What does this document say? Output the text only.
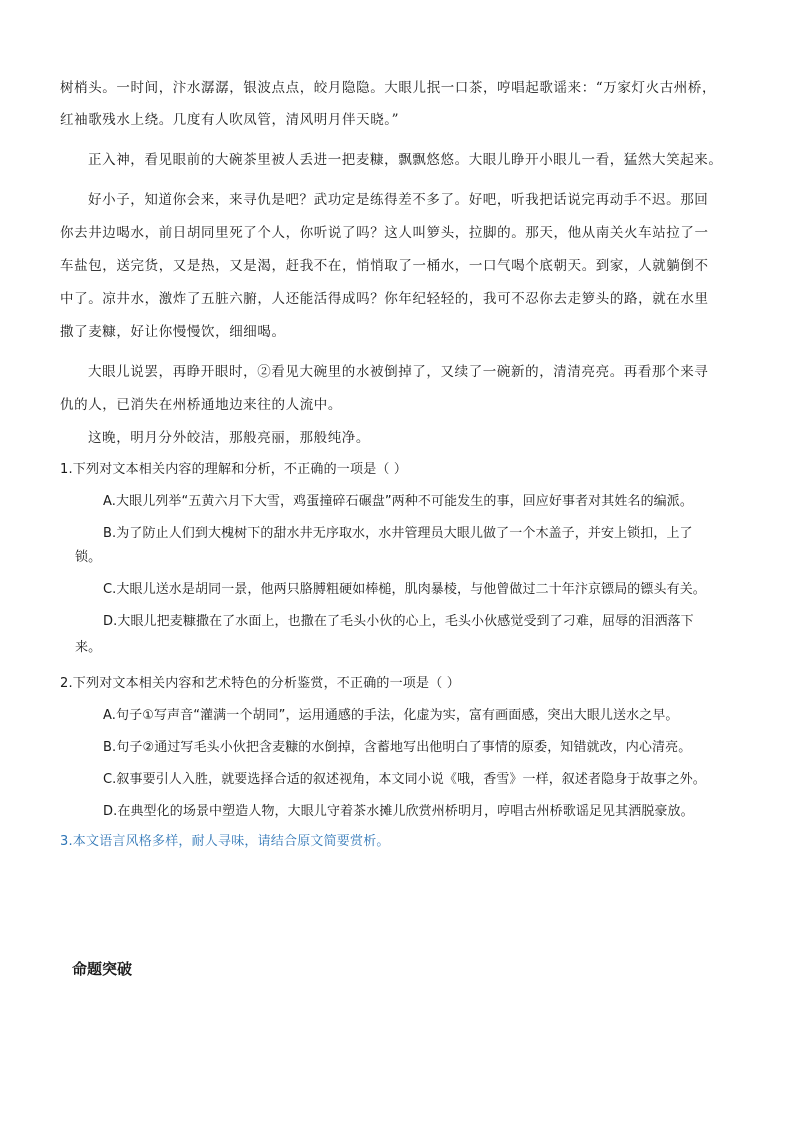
树梢头。一时间，汴水潺潺，银波点点，皎月隐隐。大眼儿抿一口茶，哼唱起歌谣来：“万家灯火古州桥，

红袖歌残水上绕。几度有人吹凤管，清风明月伴天晓。”

正入神，看见眼前的大碗茶里被人丢进一把麦糠，飘飘悠悠。大眼儿睁开小眼儿一看，猛然大笑起来。

好小子，知道你会来，来寻仇是吧？武功定是练得差不多了。好吧，听我把话说完再动手不迟。那回

你去井边喝水，前日胡同里死了个人，你听说了吗？这人叫箩头，拉脚的。那天，他从南关火车站拉了一

车盐包，送完货，又是热，又是渴，赶我不在，悄悄取了一桶水，一口气喝个底朝天。到家，人就躺倒不

中了。凉井水，激炸了五脏六腑，人还能活得成吗？你年纪轻轻的，我可不忍你去走箩头的路，就在水里

撒了麦糠，好让你慢慢饮，细细喝。

大眼儿说罢，再睁开眼时，②看见大碗里的水被倒掉了，又续了一碗新的，清清亮亮。再看那个来寻

仇的人，已消失在州桥通地边来往的人流中。

这晚，明月分外皎洁，那般亮丽，那般纯净。

1.下列对文本相关内容的理解和分析，不正确的一项是（ ）

A.大眼儿列举“五黄六月下大雪，鸡蛋撞碎石碾盘”两种不可能发生的事，回应好事者对其姓名的编派。

B.为了防止人们到大槐树下的甜水井无序取水，水井管理员大眼儿做了一个木盖子，并安上锁扣，上了

锁。

C.大眼儿送水是胡同一景，他两只胳膊粗硬如棒槌，肌肉暴棱，与他曾做过二十年汴京镖局的镖头有关。

D.大眼儿把麦糠撒在了水面上，也撒在了毛头小伙的心上，毛头小伙感觉受到了刁难，屈辱的泪洒落下

来。

2.下列对文本相关内容和艺术特色的分析鉴赏，不正确的一项是（ ）

A.句子①写声音“灌满一个胡同”，运用通感的手法，化虚为实，富有画面感，突出大眼儿送水之早。

B.句子②通过写毛头小伙把含麦糠的水倒掉，含蓄地写出他明白了事情的原委，知错就改，内心清亮。

C.叙事要引人入胜，就要选择合适的叙述视角，本文同小说《哦，香雪》一样，叙述者隐身于故事之外。

D.在典型化的场景中塑造人物，大眼儿守着茶水摊儿欣赏州桥明月，哼唱古州桥歌谣足见其洒脱豪放。

3.本文语言风格多样，耐人寻味，请结合原文简要赏析。

命题突破
